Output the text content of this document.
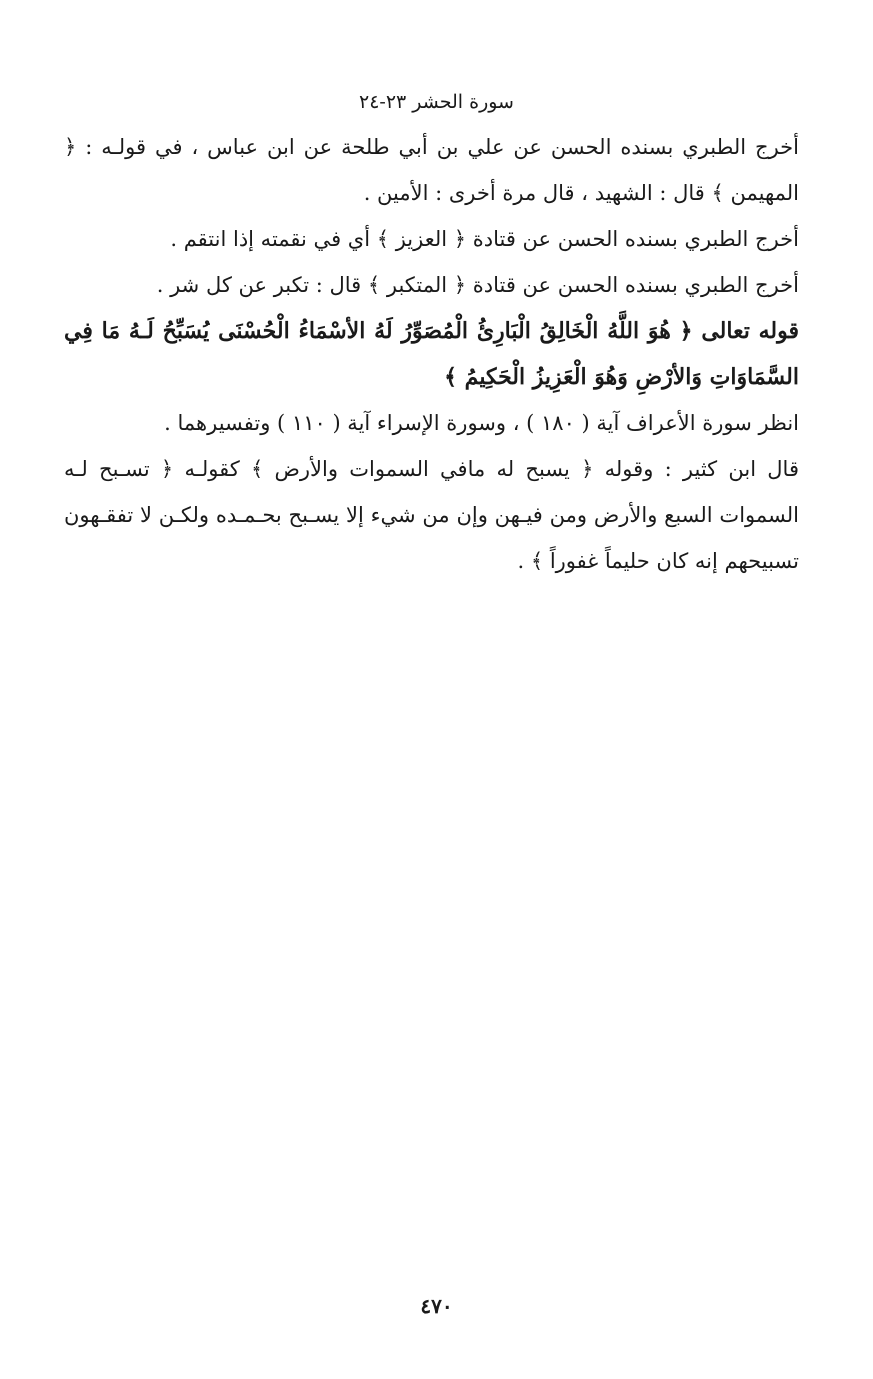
سورة الحشر ٢٣-٢٤

أخرج الطبري بسنده الحسن عن علي بن أبي طلحة عن ابن عباس ، في قولـه : ﴿ المهيمن ﴾ قال : الشهيد ، قال مرة أخرى : الأمين .

أخرج الطبري بسنده الحسن عن قتادة ﴿ العزيز ﴾ أي في نقمته إذا انتقم .

أخرج الطبري بسنده الحسن عن قتادة ﴿ المتكبر ﴾ قال : تكبر عن كل شر .

قوله تعالى ﴿ هُوَ اللَّهُ الْخَالِقُ الْبَارِئُ الْمُصَوِّرُ لَهُ الأسْمَاءُ الْحُسْنَى يُسَبِّحُ لَـهُ مَا فِي السَّمَاوَاتِ وَالأرْضِ وَهُوَ الْعَزِيزُ الْحَكِيمُ ﴾

انظر سورة الأعراف آية ( ١٨٠ ) ، وسورة الإسراء آية ( ١١٠ ) وتفسيرهما .

قال ابن كثير : وقوله ﴿ يسبح له مافي السموات والأرض ﴾ كقولـه ﴿ تسـبح لـه السموات السبع والأرض ومن فيـهن وإن من شيء إلا يسـبح بحـمـده ولكـن لا تفقـهون تسبيحهم إنه كان حليماً غفوراً ﴾ .

٤٧٠
